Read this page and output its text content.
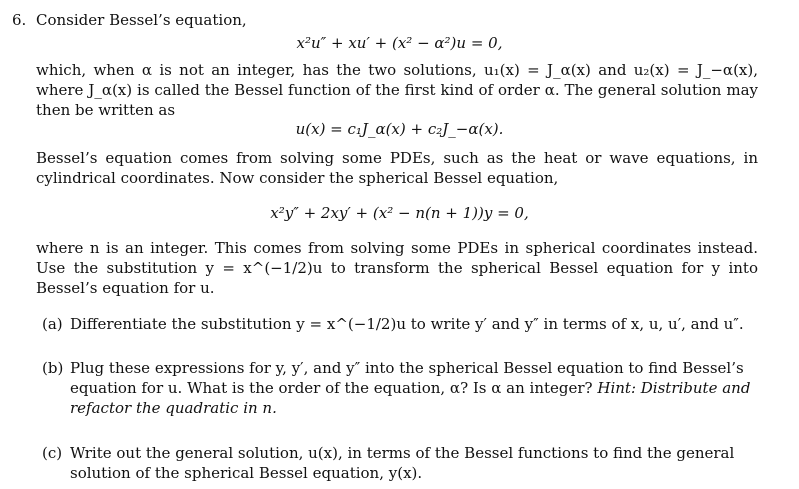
6. Consider Bessel’s equation,
x²u″ + xu′ + (x² − α²)u = 0,
which, when α is not an integer, has the two solutions, u₁(x) = J_α(x) and u₂(x) = J_−α(x), where J_α(x) is called the Bessel function of the first kind of order α. The general solution may then be written as
u(x) = c₁J_α(x) + c₂J_−α(x).
Bessel’s equation comes from solving some PDEs, such as the heat or wave equations, in cylindrical coordinates. Now consider the spherical Bessel equation,
x²y″ + 2xy′ + (x² − n(n + 1))y = 0,
where n is an integer. This comes from solving some PDEs in spherical coordinates instead. Use the substitution y = x^(−1/2)u to transform the spherical Bessel equation for y into Bessel’s equation for u.
(a) Differentiate the substitution y = x^(−1/2)u to write y′ and y″ in terms of x, u, u′, and u″.
(b) Plug these expressions for y, y′, and y″ into the spherical Bessel equation to find Bessel’s equation for u. What is the order of the equation, α? Is α an integer? Hint: Distribute and refactor the quadratic in n.
(c) Write out the general solution, u(x), in terms of the Bessel functions to find the general solution of the spherical Bessel equation, y(x).
